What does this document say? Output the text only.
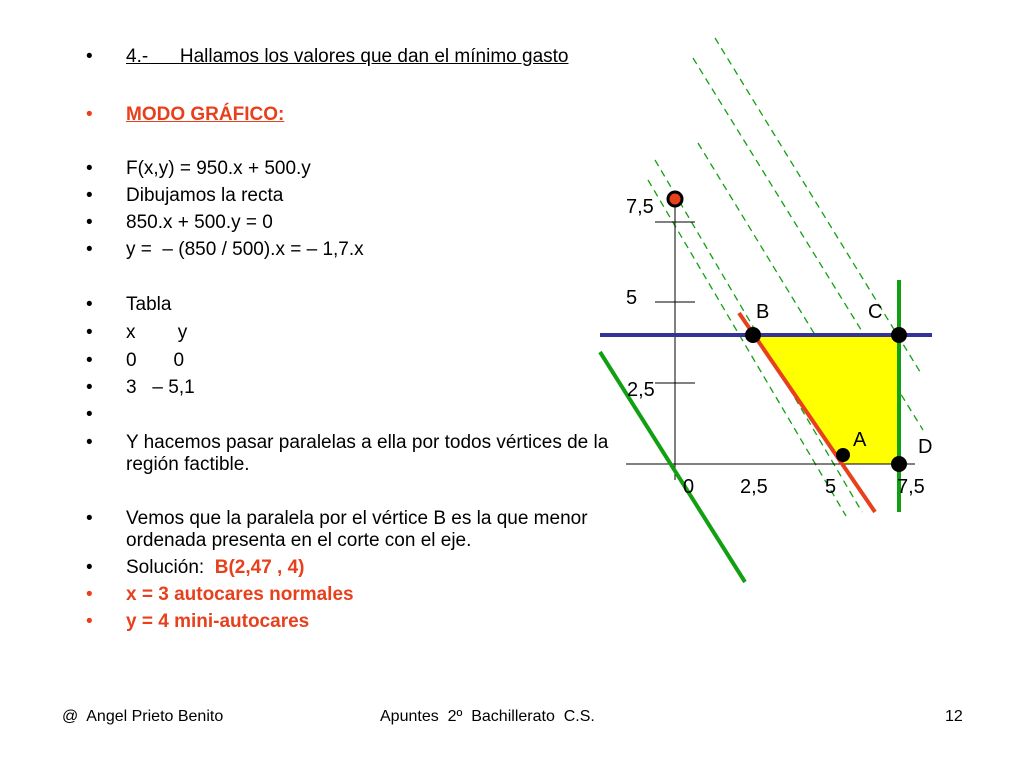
•	4.-      Hallamos los valores que dan el mínimo gasto
•	MODO GRÁFICO:
•	F(x,y) = 950.x + 500.y
•	Dibujamos la recta
•	850.x + 500.y = 0
•	y =  – (850 / 500).x = – 1,7.x
•	Tabla
•	x        y
•	0       0
•	3   – 5,1
•
•	Y hacemos pasar paralelas a ella por todos vértices de la región factible.
•	Vemos que la paralela por el vértice B es la que menor ordenada presenta en el corte con el eje.
•	Solución:  B(2,47 , 4)
•	x = 3 autocares normales
•	y = 4 mini-autocares
7,5
5
2,5
0 2,5	5	7,5
B	C
A	D
@  Angel Prieto Benito	Apuntes  2º  Bachillerato  C.S.	12
